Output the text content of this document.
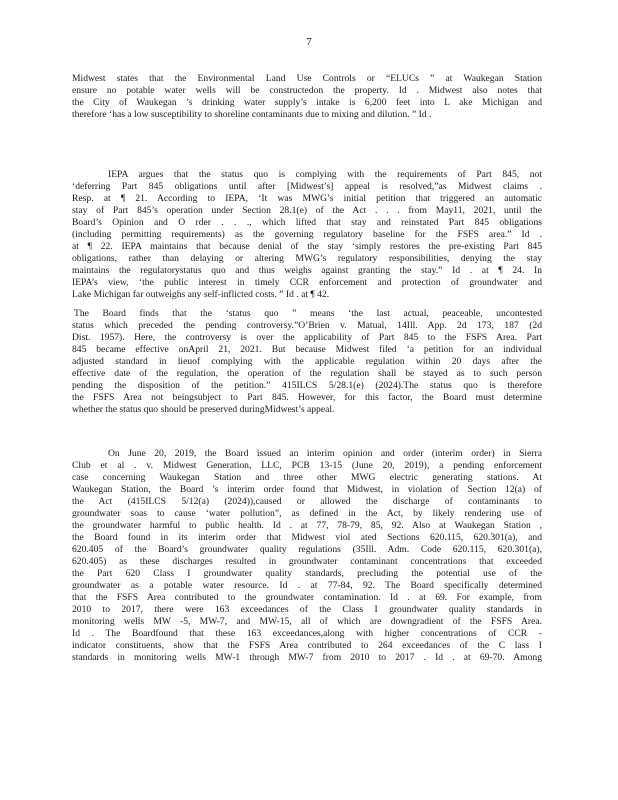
7
Midwest states that the Environmental Land Use Controls or “ELUCs ” at Waukegan Station
ensure no potable water wells will be constructedon the property. Id . Midwest also notes that
the City of Waukegan ’s drinking water supply’s intake is 6,200 feet into L ake Michigan and
therefore ‘has a low susceptibility to shoreline contaminants due to mixing and dilution. ” Id .
IEPA argues that the status quo is complying with the requirements of Part 845, not
‘deferring Part 845 obligations until after [Midwest’s] appeal is resolved,”as Midwest claims .
Resp. at ¶ 21. According to IEPA, ‘It was MWG’s initial petition that triggered an automatic
stay of Part 845’s operation under Section 28.1(e) of the Act . . . from May11, 2021, until the
Board’s Opinion and O rder . . ., which lifted that stay and reinstated Part 845 obligations
(including permitting requirements) as the governing regulatory baseline for the FSFS area.” Id .
at ¶ 22. IEPA maintains that because denial of the stay ‘simply restores the pre-existing Part 845
obligations, rather than delaying or altering MWG’s regulatory responsibilities, denying the stay
maintains the regulatorystatus quo and thus weighs against granting the stay.” Id . at ¶ 24. In
IEPA’s view, ‘the public interest in timely CCR enforcement and protection of groundwater and
Lake Michigan far outweighs any self-inflicted costs. ” Id . at ¶ 42.
The Board finds that the ‘status quo ” means ‘the last actual, peaceable, uncontested
status which preceded the pending controversy.”O’Brien v. Matual, 14Ill. App. 2d 173, 187 (2d
Dist. 1957). Here, the controversy is over the applicability of Part 845 to the FSFS Area. Part
845 became effective onApril 21, 2021. But because Midwest filed ‘a petition for an individual
adjusted standard in lieuof complying with the applicable regulation within 20 days after the
effective date of the regulation, the operation of the regulation shall be stayed as to such person
pending the disposition of the petition.” 415ILCS 5/28.1(e) (2024).The status quo is therefore
the FSFS Area not beingsubject to Part 845. However, for this factor, the Board must determine
whether the status quo should be preserved duringMidwest’s appeal.
On June 20, 2019, the Board issued an interim opinion and order (interim order) in Sierra
Club et al . v. Midwest Generation, LLC, PCB 13-15 (June 20, 2019), a pending enforcement
case concerning Waukegan Station and three other MWG electric generating stations. At
Waukegan Station, the Board ’s interim order found that Midwest, in violation of Section 12(a) of
the Act (415ILCS 5/12(a) (2024)),caused or allowed the discharge of contaminants to
groundwater soas to cause ‘water pollution”, as defined in the Act, by likely rendering use of
the groundwater harmful to public health. Id . at 77, 78-79, 85, 92. Also at Waukegan Station ,
the Board found in its interim order that Midwest viol ated Sections 620.115, 620.301(a), and
620.405 of the Board’s groundwater quality regulations (35Ill. Adm. Code 620.115, 620.301(a),
620.405) as these discharges resulted in groundwater contaminant concentrations that exceeded
the Part 620 Class I groundwater quality standards, precluding the potential use of the
groundwater as a potable water resource. Id . at 77-84, 92. The Board specifically determined
that the FSFS Area contributed to the groundwater contamination. Id . at 69. For example, from
2010 to 2017, there were 163 exceedances of the Class I groundwater quality standards in
monitoring wells MW -5, MW-7, and MW-15, all of which are downgradient of the FSFS Area.
Id . The Boardfound that these 163 exceedances,along with higher concentrations of CCR -
indicator constituents, show that the FSFS Area contributed to 264 exceedances of the C lass I
standards in monitoring wells MW-1 through MW-7 from 2010 to 2017 . Id . at 69-70. Among
